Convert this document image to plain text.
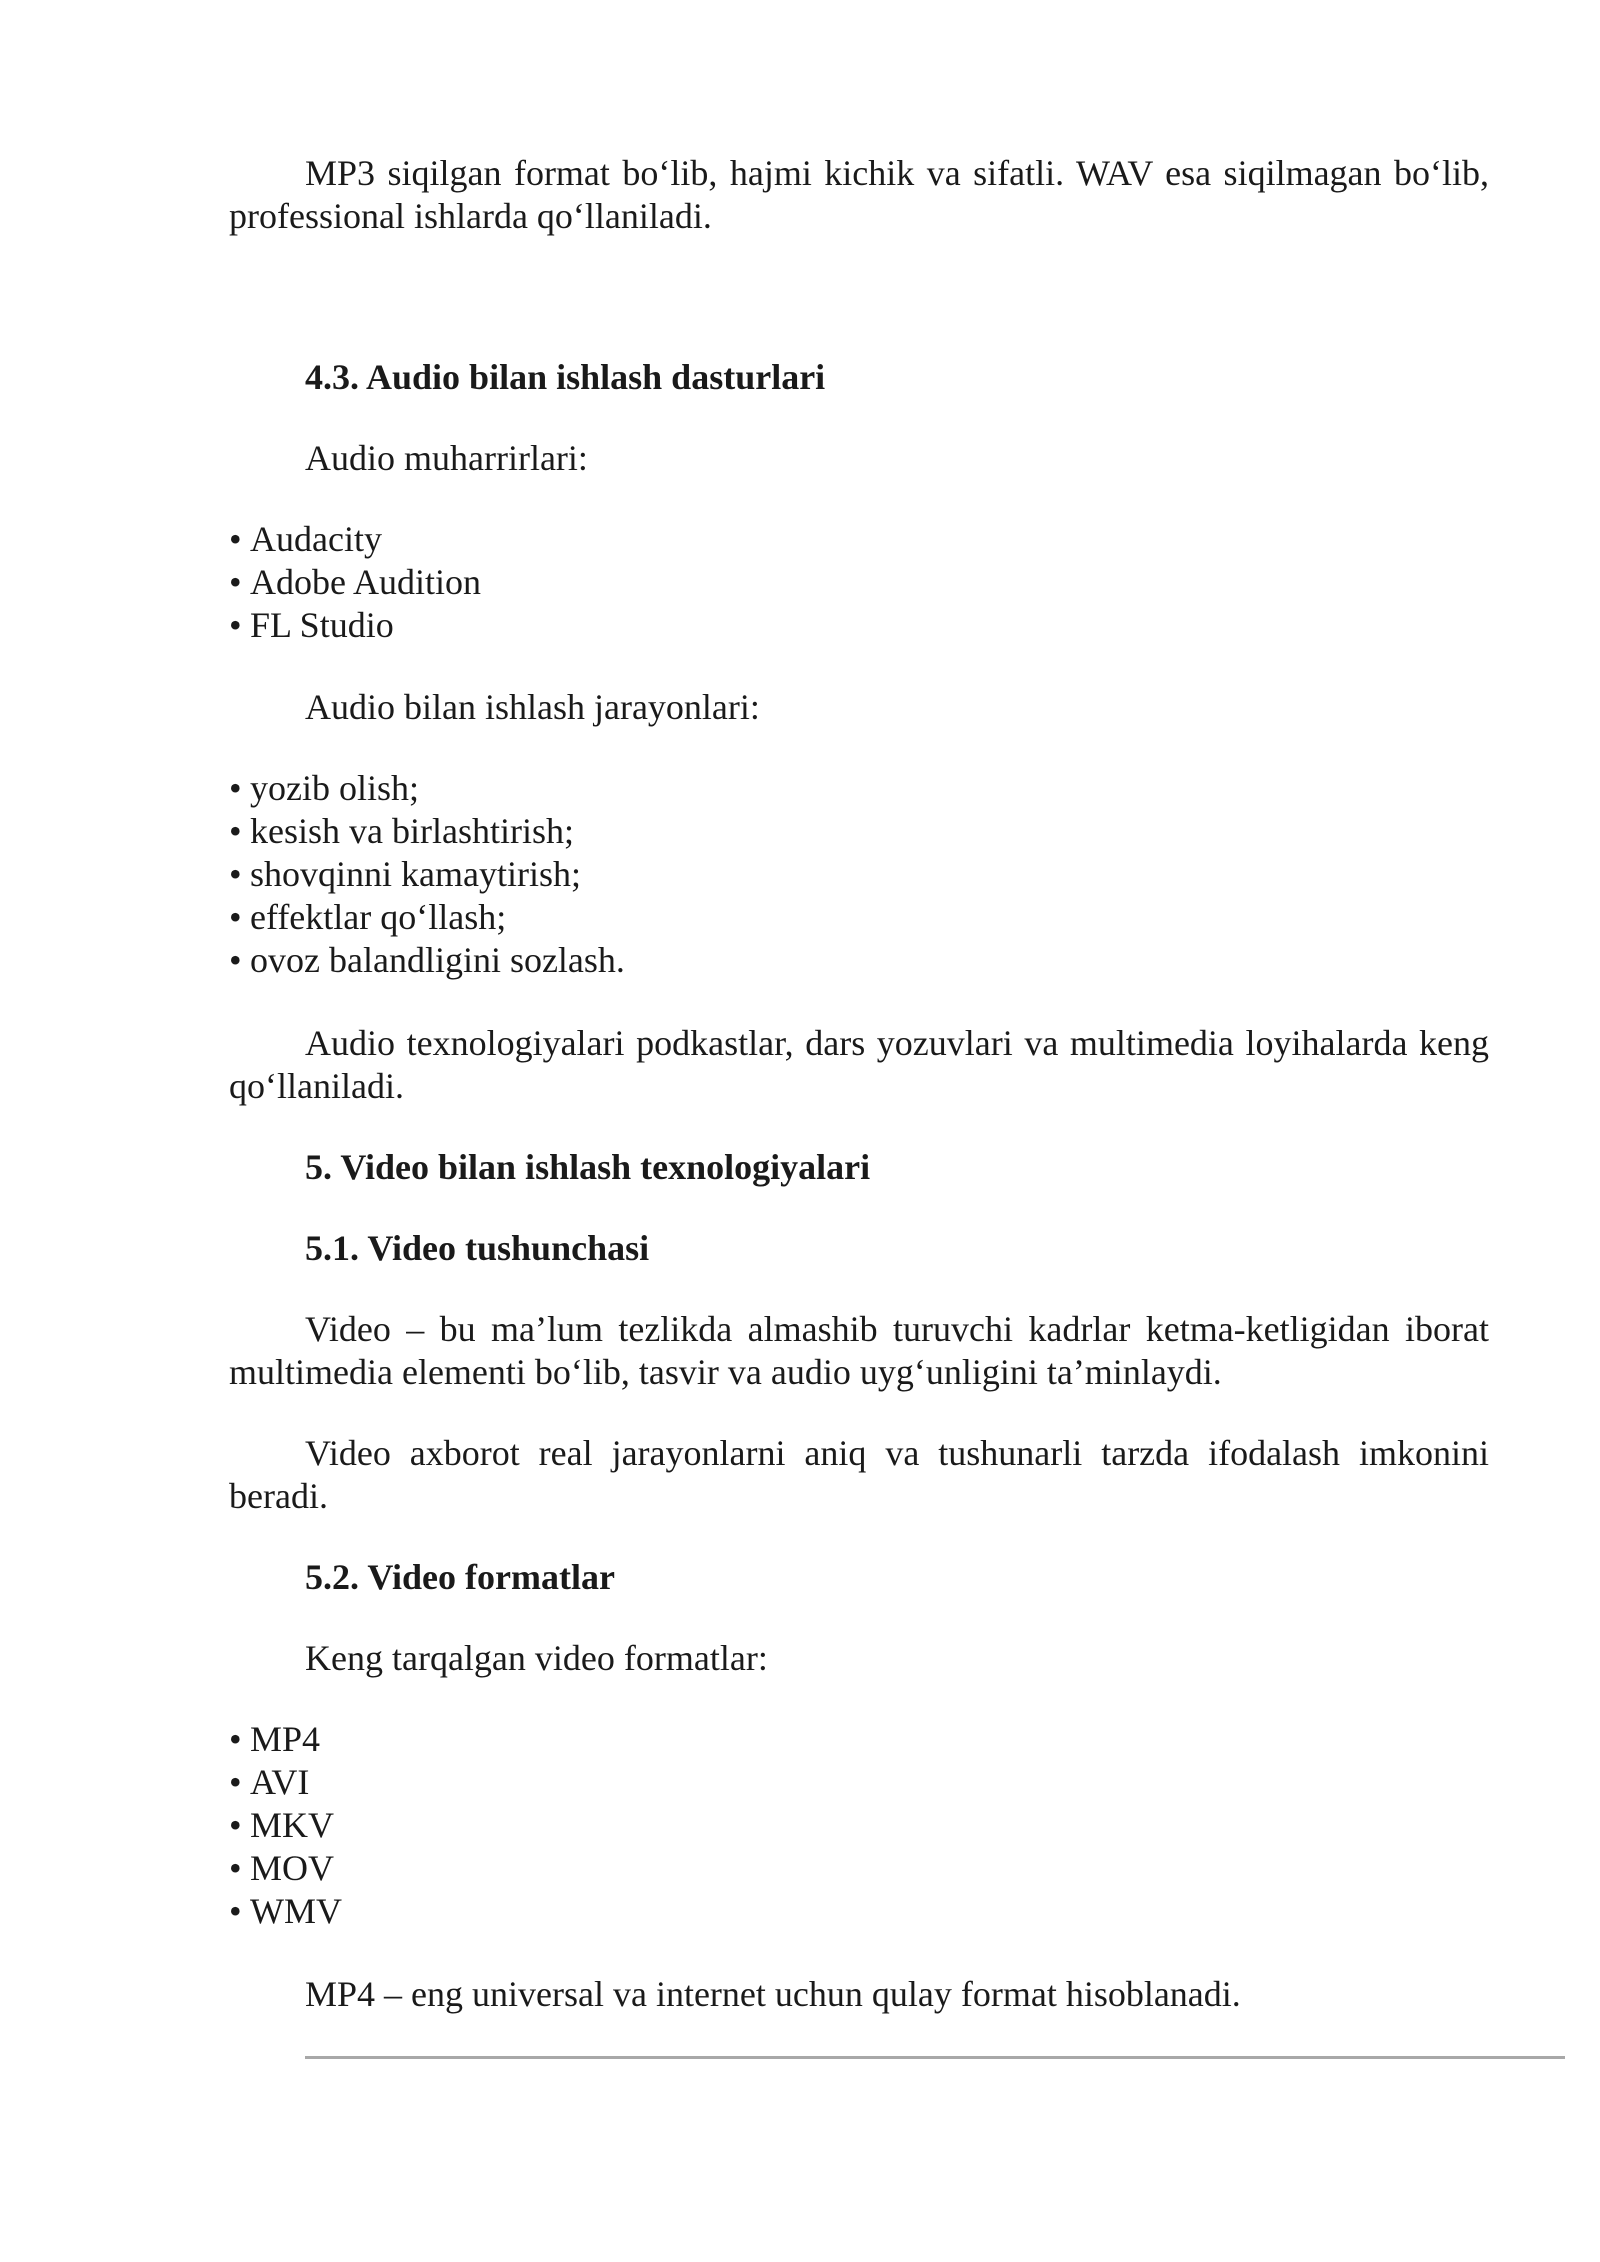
MP3 siqilgan format bo‘lib, hajmi kichik va sifatli. WAV esa siqilmagan bo‘lib, professional ishlarda qo‘llaniladi.

4.3. Audio bilan ishlash dasturlari

Audio muharrirlari:

• Audacity
• Adobe Audition
• FL Studio

Audio bilan ishlash jarayonlari:

• yozib olish;
• kesish va birlashtirish;
• shovqinni kamaytirish;
• effektlar qo‘llash;
• ovoz balandligini sozlash.

Audio texnologiyalari podkastlar, dars yozuvlari va multimedia loyihalarda keng qo‘llaniladi.

5. Video bilan ishlash texnologiyalari

5.1. Video tushunchasi

Video – bu ma’lum tezlikda almashib turuvchi kadrlar ketma-ketligidan iborat multimedia elementi bo‘lib, tasvir va audio uyg‘unligini ta’minlaydi.

Video axborot real jarayonlarni aniq va tushunarli tarzda ifodalash imkonini beradi.

5.2. Video formatlar

Keng tarqalgan video formatlar:

• MP4
• AVI
• MKV
• MOV
• WMV

MP4 – eng universal va internet uchun qulay format hisoblanadi.
